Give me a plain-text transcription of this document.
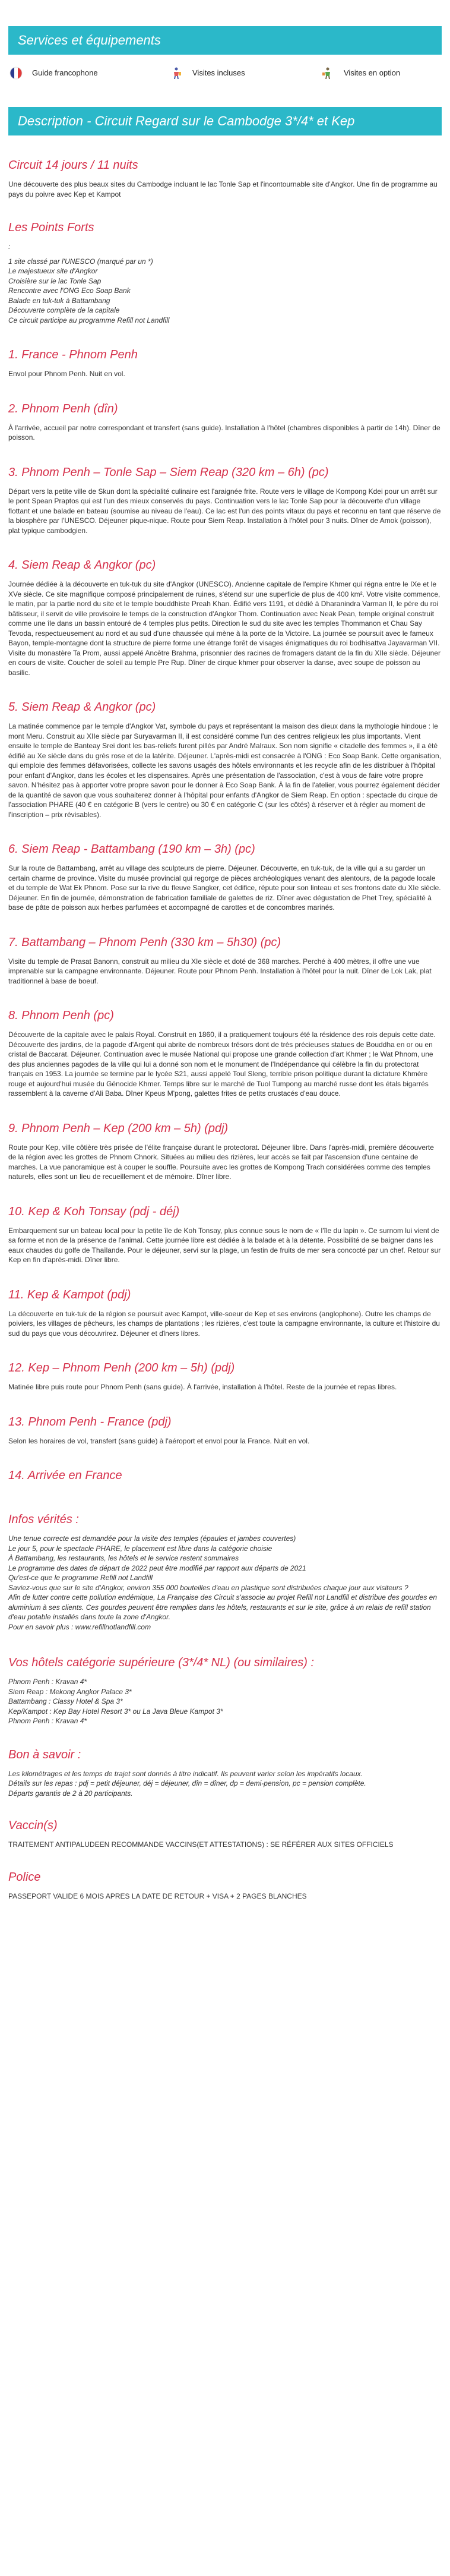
Services et équipements
Guide francophone	Visites incluses	Visites en option
Description - Circuit Regard sur le Cambodge 3*/4* et Kep
Circuit 14 jours / 11 nuits

Une découverte des plus beaux sites du Cambodge incluant le lac Tonle Sap et l'incontournable site d'Angkor. Une fin de programme au pays du poivre avec Kep et Kampot

Les Points Forts

:

1 site classé par l'UNESCO (marqué par un *)

Le majestueux site d'Angkor

Croisière sur le lac Tonle Sap

Rencontre avec l'ONG Eco Soap Bank

Balade en tuk-tuk à Battambang

Découverte complète de la capitale

Ce circuit participe au programme Refill not Landfill

1. France - Phnom Penh

Envol pour Phnom Penh. Nuit en vol.

2. Phnom Penh (dîn)

À l'arrivée, accueil par notre correspondant et transfert (sans guide). Installation à l'hôtel (chambres disponibles à partir de 14h). Dîner de poisson.

3. Phnom Penh – Tonle Sap – Siem Reap (320 km – 6h) (pc)

Départ vers la petite ville de Skun dont la spécialité culinaire est l'araignée frite. Route vers le village de Kompong Kdei pour un arrêt sur le pont Spean Praptos qui est l'un des mieux conservés du pays. Continuation vers le lac Tonle Sap pour la découverte d'un village flottant et une balade en bateau (soumise au niveau de l'eau). Ce lac est l'un des points vitaux du pays et reconnu en tant que réserve de la biosphère par l'UNESCO. Déjeuner pique-nique. Route pour Siem Reap. Installation à l'hôtel pour 3 nuits. Dîner de Amok (poisson), plat typique cambodgien.

4. Siem Reap & Angkor (pc)

Journée dédiée à la découverte en tuk-tuk du site d'Angkor (UNESCO). Ancienne capitale de l'empire Khmer qui régna entre le IXe et le XVe siècle. Ce site magnifique composé principalement de ruines, s'étend sur une superficie de plus de 400 km². Votre visite commence, le matin, par la partie nord du site et le temple bouddhiste Preah Khan. Édifié vers 1191, et dédié à Dharanindra Varman II, le père du roi bâtisseur, il servit de ville provisoire le temps de la construction d'Angkor Thom. Continuation avec Neak Pean, temple original construit comme une île dans un bassin entouré de 4 temples plus petits. Direction le sud du site avec les temples Thommanon et Chau Say Tevoda, respectueusement au nord et au sud d'une chaussée qui mène à la porte de la Victoire. La journée se poursuit avec le fameux Bayon, temple-montagne dont la structure de pierre forme une étrange forêt de visages énigmatiques du roi bodhisattva Jayavarman VII. Visite du monastère Ta Prom, aussi appelé Ancêtre Brahma, prisonnier des racines de fromagers datant de la fin du XIIe siècle. Déjeuner en cours de visite. Coucher de soleil au temple Pre Rup. Dîner de cirque khmer pour observer la danse, avec soupe de poisson au basilic.

5. Siem Reap & Angkor (pc)

La matinée commence par le temple d'Angkor Vat, symbole du pays et représentant la maison des dieux dans la mythologie hindoue : le mont Meru. Construit au XIIe siècle par Suryavarman II, il est considéré comme l'un des centres religieux les plus importants. Vient ensuite le temple de Banteay Srei dont les bas-reliefs furent pillés par André Malraux. Son nom signifie « citadelle des femmes », il a été édifié au Xe siècle dans du grès rose et de la latérite. Déjeuner. L'après-midi est consacrée à l'ONG : Eco Soap Bank. Cette organisation, qui emploie des femmes défavorisées, collecte les savons usagés des hôtels environnants et les recycle afin de les distribuer à l'hôpital pour enfant d'Angkor, dans les écoles et les dispensaires. Après une présentation de l'association, c'est à vous de faire votre propre savon. N'hésitez pas à apporter votre propre savon pour le donner à Eco Soap Bank. À la fin de l'atelier, vous pourrez également décider de la quantité de savon que vous souhaiterez donner à l'hôpital pour enfants d'Angkor de Siem Reap. En option : spectacle du cirque de l'association PHARE (40 € en catégorie B (vers le centre) ou 30 € en catégorie C (sur les côtés) à réserver et à régler au moment de l'inscription – prix révisables).

6. Siem Reap - Battambang (190 km – 3h) (pc)

Sur la route de Battambang, arrêt au village des sculpteurs de pierre. Déjeuner. Découverte, en tuk-tuk, de la ville qui a su garder un certain charme de province. Visite du musée provincial qui regorge de pièces archéologiques venant des alentours, de la pagode locale et du temple de Wat Ek Phnom. Pose sur la rive du fleuve Sangker, cet édifice, répute pour son linteau et ses frontons date du XIe siècle. Déjeuner. En fin de journée, démonstration de fabrication familiale de galettes de riz. Dîner avec dégustation de Phet Trey, spécialité à base de pâte de poisson aux herbes parfumées et accompagné de carottes et de concombres marinés.

7. Battambang – Phnom Penh (330 km – 5h30) (pc)

Visite du temple de Prasat Banonn, construit au milieu du XIe siècle et doté de 368 marches. Perché à 400 mètres, il offre une vue imprenable sur la campagne environnante. Déjeuner. Route pour Phnom Penh. Installation à l'hôtel pour la nuit. Dîner de Lok Lak, plat traditionnel à base de boeuf.

8. Phnom Penh (pc)

Découverte de la capitale avec le palais Royal. Construit en 1860, il a pratiquement toujours été la résidence des rois depuis cette date. Découverte des jardins, de la pagode d'Argent qui abrite de nombreux trésors dont de très précieuses statues de Bouddha en or ou en cristal de Baccarat. Déjeuner. Continuation avec le musée National qui propose une grande collection d'art Khmer ; le Wat Phnom, une des plus anciennes pagodes de la ville qui lui a donné son nom et le monument de l'Indépendance qui célèbre la fin du protectorat français en 1953. La journée se termine par le lycée S21, aussi appelé Toul Sleng, terrible prison politique durant la dictature Khmère rouge et aujourd'hui musée du Génocide Khmer. Temps libre sur le marché de Tuol Tumpong au marché russe dont les étals bigarrés rassemblent à la caverne d'Ali Baba. Dîner Kpeus M'pong, galettes frites de petits crustacés d'eau douce.

9. Phnom Penh – Kep (200 km – 5h) (pdj)

Route pour Kep, ville côtière très prisée de l'élite française durant le protectorat. Déjeuner libre. Dans l'après-midi, première découverte de la région avec les grottes de Phnom Chnork. Situées au milieu des rizières, leur accès se fait par l'ascension d'une centaine de marches. La vue panoramique est à couper le souffle. Poursuite avec les grottes de Kompong Trach considérées comme des temples naturels, elles sont un lieu de recueillement et de mémoire. Dîner libre.

10. Kep & Koh Tonsay (pdj - déj)

Embarquement sur un bateau local pour la petite île de Koh Tonsay, plus connue sous le nom de « l'île du lapin ». Ce surnom lui vient de sa forme et non de la présence de l'animal. Cette journée libre est dédiée à la balade et à la détente. Possibilité de se baigner dans les eaux chaudes du golfe de Thaïlande. Pour le déjeuner, servi sur la plage, un festin de fruits de mer sera concocté par un chef. Retour sur Kep en fin d'après-midi. Dîner libre.

11. Kep & Kampot (pdj)

La découverte en tuk-tuk de la région se poursuit avec Kampot, ville-soeur de Kep et ses environs (anglophone). Outre les champs de poiviers, les villages de pêcheurs, les champs de plantations ; les rizières, c'est toute la campagne environnante, la culture et l'histoire du sud du pays que vous découvrirez. Déjeuner et dîners libres.

12. Kep – Phnom Penh (200 km – 5h) (pdj)

Matinée libre puis route pour Phnom Penh (sans guide). À l'arrivée, installation à l'hôtel. Reste de la journée et repas libres.

13. Phnom Penh - France (pdj)

Selon les horaires de vol, transfert (sans guide) à l'aéroport et envol pour la France. Nuit en vol.

14. Arrivée en France
Infos vérités :

Une tenue correcte est demandée pour la visite des temples (épaules et jambes couvertes)

Le jour 5, pour le spectacle PHARE, le placement est libre dans la catégorie choisie

À Battambang, les restaurants, les hôtels et le service restent sommaires

Le programme des dates de départ de 2022 peut être modifié par rapport aux départs de 2021

Qu'est-ce que le programme Refill not Landfill

Saviez-vous que sur le site d'Angkor, environ 355 000 bouteilles d'eau en plastique sont distribuées chaque jour aux visiteurs ?

Afin de lutter contre cette pollution endémique, La Française des Circuit s'associe au projet Refill not Landfill et distribue des gourdes en aluminium à ses clients. Ces gourdes peuvent être remplies dans les hôtels, restaurants et sur le site, grâce à un relais de refill station d'eau potable installés dans toute la zone d'Angkor.

Pour en savoir plus : www.refillnotlandfill.com

Vos hôtels catégorie supérieure (3*/4* NL) (ou similaires) :

Phnom Penh : Kravan 4*

Siem Reap : Mekong Angkor Palace 3*

Battambang : Classy Hotel & Spa 3*

Kep/Kampot : Kep Bay Hotel Resort 3* ou La Java Bleue Kampot 3*

Phnom Penh : Kravan 4*

Bon à savoir :

Les kilométrages et les temps de trajet sont donnés à titre indicatif. Ils peuvent varier selon les impératifs locaux.

Détails sur les repas : pdj = petit déjeuner, déj = déjeuner, dîn = dîner, dp = demi-pension, pc = pension complète.

Départs garantis de 2 à 20 participants.

Vaccin(s)

TRAITEMENT ANTIPALUDEEN RECOMMANDE VACCINS(ET ATTESTATIONS) : SE RÉFÉRER AUX SITES OFFICIELS

Police

PASSEPORT VALIDE 6 MOIS APRES LA DATE DE RETOUR + VISA + 2 PAGES BLANCHES
